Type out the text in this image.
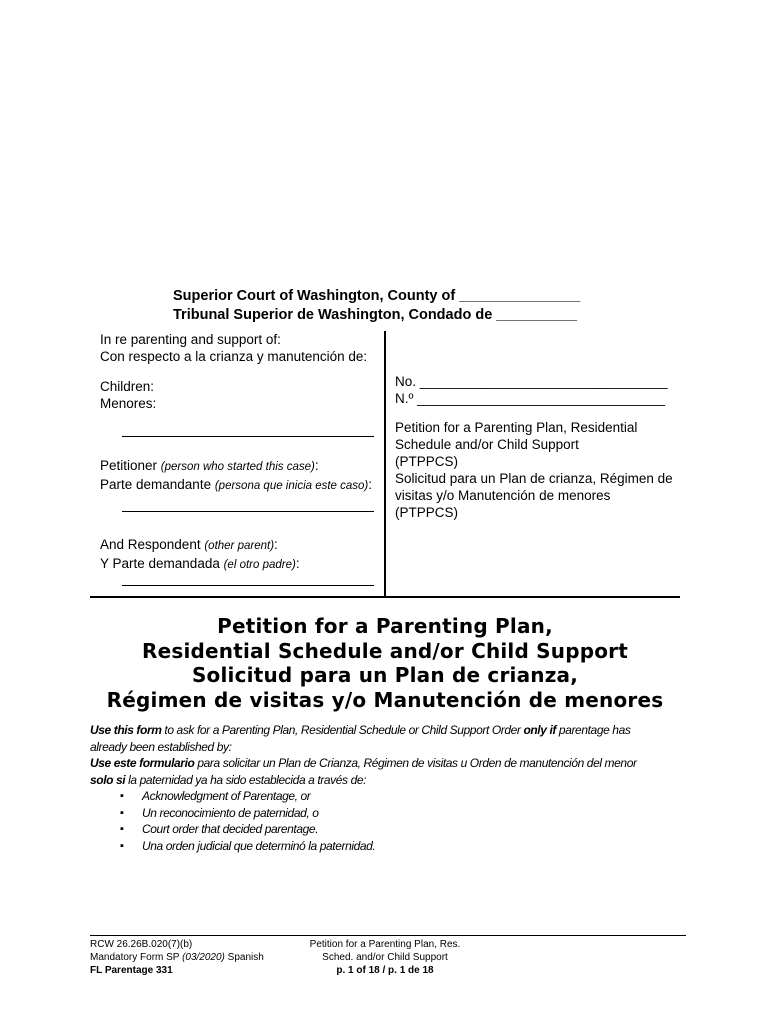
Superior Court of Washington, County of _______________
Tribunal Superior de Washington, Condado de __________
In re parenting and support of:
Con respecto a la crianza y manutención de:
Children:
Menores:
Petitioner (person who started this case):
Parte demandante (persona que inicia este caso):
And Respondent (other parent):
Y Parte demandada (el otro padre):
No. _________________________________
N.º _________________________________
Petition for a Parenting Plan, Residential Schedule and/or Child Support
(PTPPCS)
Solicitud para un Plan de crianza, Régimen de visitas y/o Manutención de menores
(PTPPCS)
Petition for a Parenting Plan,
Residential Schedule and/or Child Support
Solicitud para un Plan de crianza,
Régimen de visitas y/o Manutención de menores
Use this form to ask for a Parenting Plan, Residential Schedule or Child Support Order only if parentage has already been established by:
Use este formulario para solicitar un Plan de Crianza, Régimen de visitas u Orden de manutención del menor solo si la paternidad ya ha sido establecida a través de:
▪ Acknowledgment of Parentage, or
▪ Un reconocimiento de paternidad, o
▪ Court order that decided parentage.
▪ Una orden judicial que determinó la paternidad.
RCW 26.26B.020(7)(b)
Mandatory Form SP (03/2020) Spanish
FL Parentage 331
Petition for a Parenting Plan, Res.
Sched. and/or Child Support
p. 1 of 18 / p. 1 de 18
